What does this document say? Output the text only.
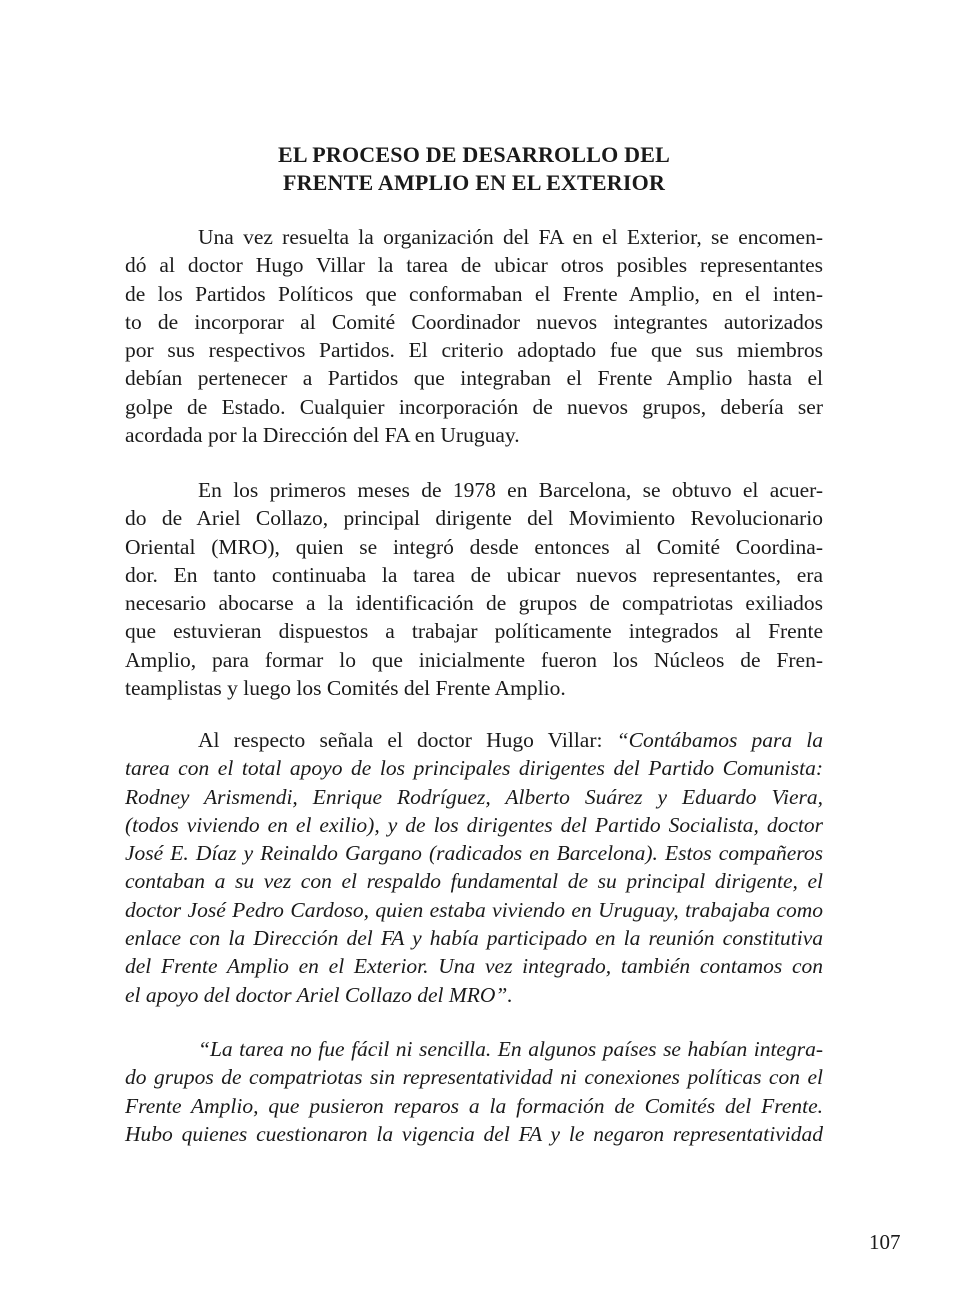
EL PROCESO DE DESARROLLO DEL
FRENTE AMPLIO EN EL EXTERIOR
Una vez resuelta la organización del FA en el Exterior, se encomen-
dó al doctor Hugo Villar la tarea de ubicar otros posibles representantes
de los Partidos Políticos que conformaban el Frente Amplio, en el inten-
to de incorporar al Comité Coordinador nuevos integrantes autorizados
por sus respectivos Partidos. El criterio adoptado fue que sus miembros
debían pertenecer a Partidos que integraban el Frente Amplio hasta el
golpe de Estado. Cualquier incorporación de nuevos grupos, debería ser
acordada por la Dirección del FA en Uruguay.
En los primeros meses de 1978 en Barcelona, se obtuvo el acuer-
do de Ariel Collazo, principal dirigente del Movimiento Revolucionario
Oriental (MRO), quien se integró desde entonces al Comité Coordina-
dor. En tanto continuaba la tarea de ubicar nuevos representantes, era
necesario abocarse a la identificación de grupos de compatriotas exiliados
que estuvieran dispuestos a trabajar políticamente integrados al Frente
Amplio, para formar lo que inicialmente fueron los Núcleos de Fren-
teamplistas y luego los Comités del Frente Amplio.
Al respecto señala el doctor Hugo Villar: “Contábamos para la
tarea con el total apoyo de los principales dirigentes del Partido Comunista:
Rodney Arismendi, Enrique Rodríguez, Alberto Suárez y Eduardo Viera,
(todos viviendo en el exilio), y de los dirigentes del Partido Socialista, doctor
José E. Díaz y Reinaldo Gargano (radicados en Barcelona). Estos compañeros
contaban a su vez con el respaldo fundamental de su principal dirigente, el
doctor José Pedro Cardoso, quien estaba viviendo en Uruguay, trabajaba como
enlace con la Dirección del FA y había participado en la reunión constitutiva
del Frente Amplio en el Exterior. Una vez integrado, también contamos con
el apoyo del doctor Ariel Collazo del MRO”.
“La tarea no fue fácil ni sencilla. En algunos países se habían integra-
do grupos de compatriotas sin representatividad ni conexiones políticas con el
Frente Amplio, que pusieron reparos a la formación de Comités del Frente.
Hubo quienes cuestionaron la vigencia del FA y le negaron representatividad

107
